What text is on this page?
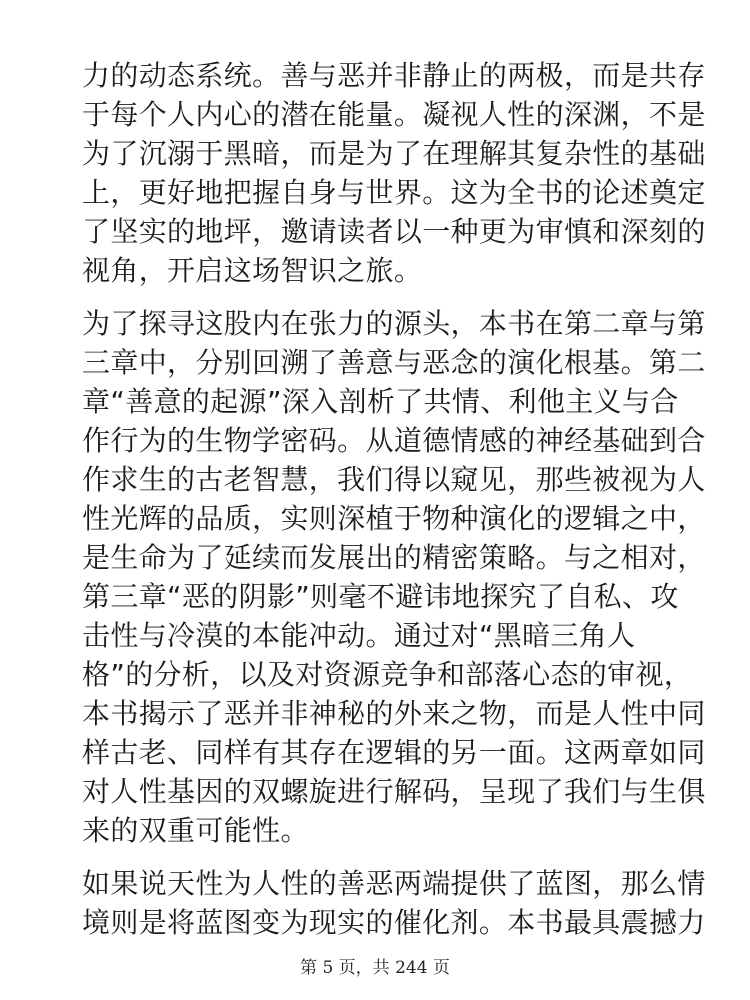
力的动态系统。善与恶并非静止的两极，而是共存
于每个人内心的潜在能量。凝视人性的深渊，不是
为了沉溺于黑暗，而是为了在理解其复杂性的基础
上，更好地把握自身与世界。这为全书的论述奠定
了坚实的地坪，邀请读者以一种更为审慎和深刻的
视角，开启这场智识之旅。
为了探寻这股内在张力的源头，本书在第二章与第
三章中，分别回溯了善意与恶念的演化根基。第二
章“善意的起源”深入剖析了共情、利他主义与合
作行为的生物学密码。从道德情感的神经基础到合
作求生的古老智慧，我们得以窥见，那些被视为人
性光辉的品质，实则深植于物种演化的逻辑之中，
是生命为了延续而发展出的精密策略。与之相对，
第三章“恶的阴影”则毫不避讳地探究了自私、攻
击性与冷漠的本能冲动。通过对“黑暗三角人
格”的分析，以及对资源竞争和部落心态的审视，
本书揭示了恶并非神秘的外来之物，而是人性中同
样古老、同样有其存在逻辑的另一面。这两章如同
对人性基因的双螺旋进行解码，呈现了我们与生俱
来的双重可能性。
如果说天性为人性的善恶两端提供了蓝图，那么情
境则是将蓝图变为现实的催化剂。本书最具震撼力
第 5 页，共 244 页
